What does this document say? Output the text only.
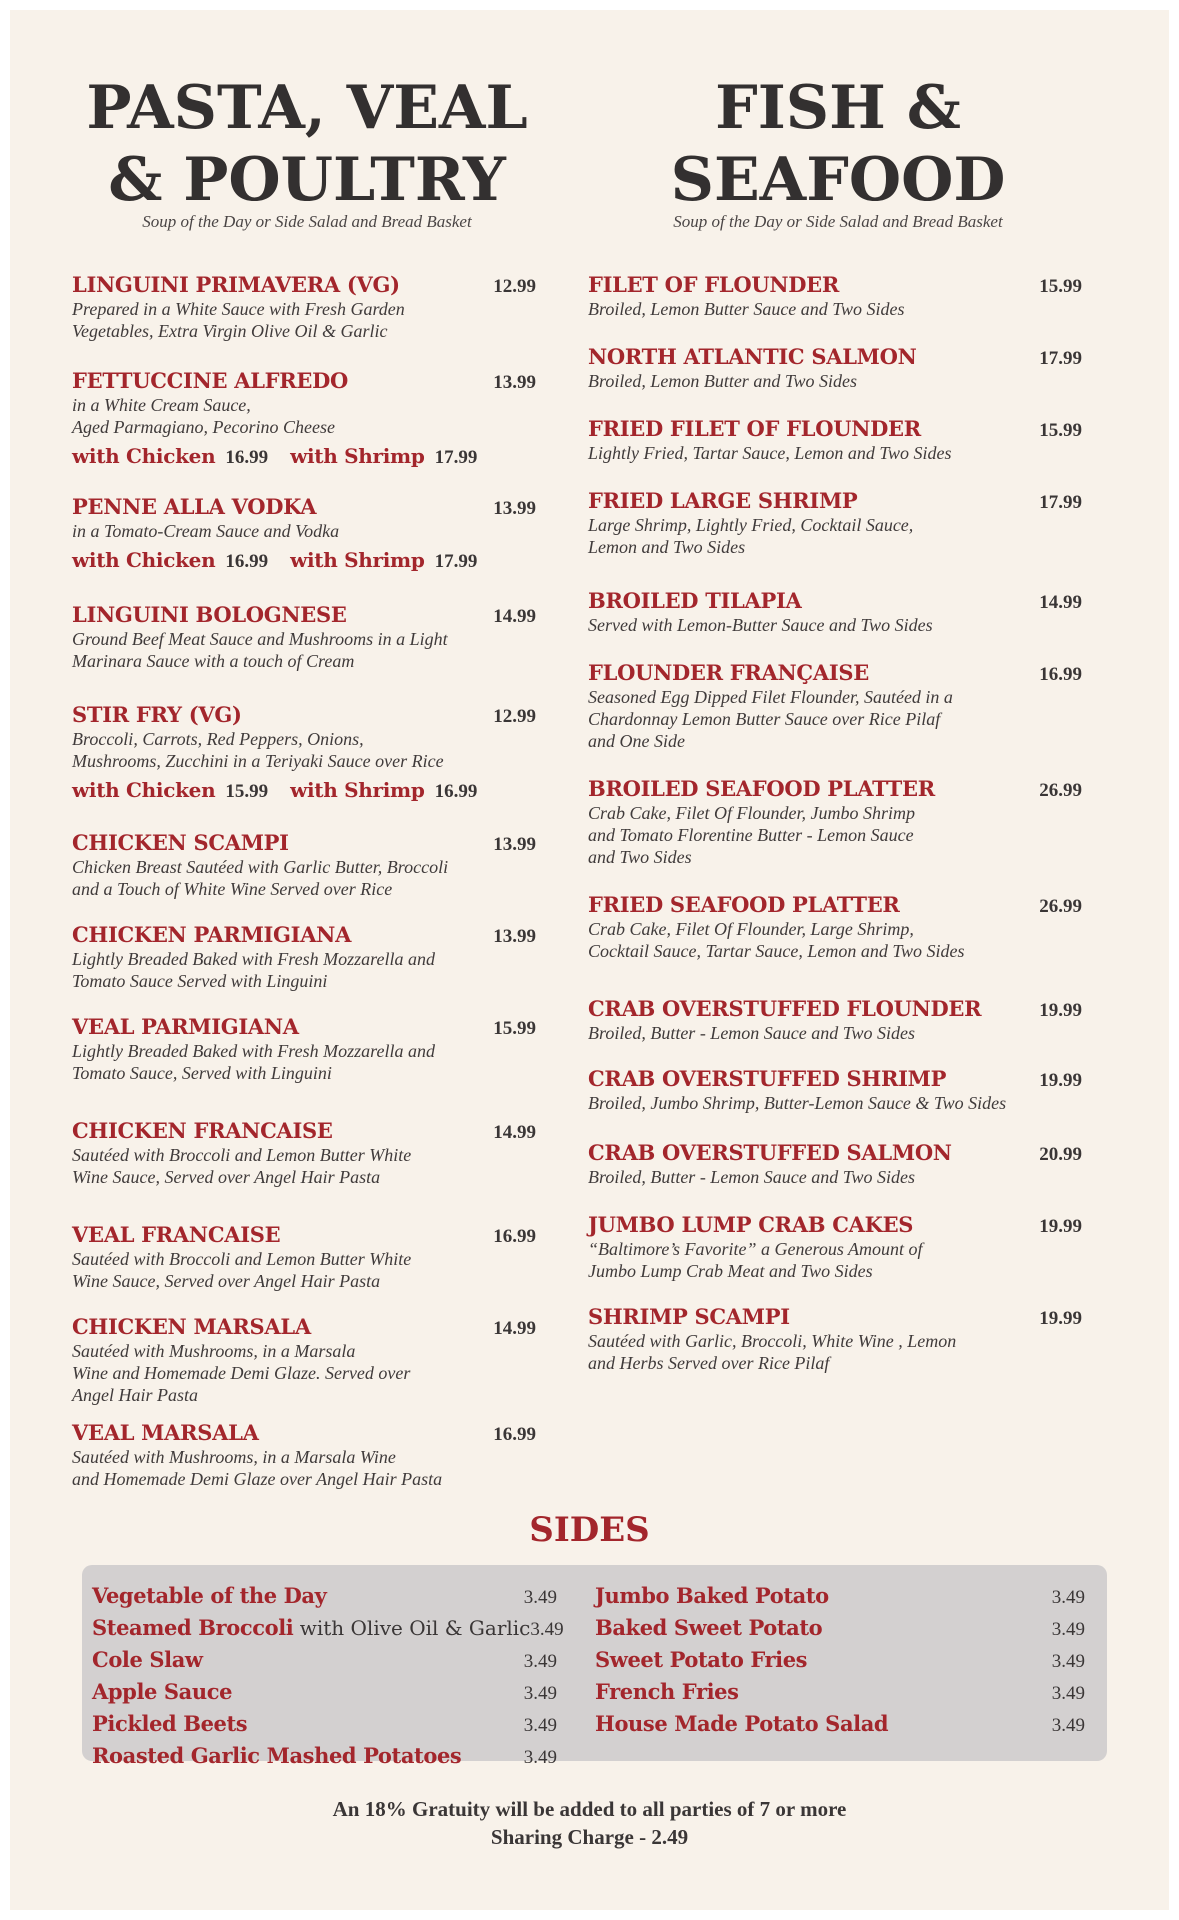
PASTA, VEAL
& POULTRY
Soup of the Day or Side Salad and Bread Basket
LINGUINI PRIMAVERA (VG)	12.99
Prepared in a White Sauce with Fresh Garden
Vegetables, Extra Virgin Olive Oil & Garlic
FETTUCCINE ALFREDO	13.99
in a White Cream Sauce,
Aged Parmagiano, Pecorino Cheese
with Chicken 16.99 with Shrimp 17.99
PENNE ALLA VODKA	13.99
in a Tomato-Cream Sauce and Vodka
with Chicken 16.99 with Shrimp 17.99
LINGUINI BOLOGNESE	14.99
Ground Beef Meat Sauce and Mushrooms in a Light
Marinara Sauce with a touch of Cream
STIR FRY (VG)	12.99
Broccoli, Carrots, Red Peppers, Onions,
Mushrooms, Zucchini in a Teriyaki Sauce over Rice
with Chicken 15.99 with Shrimp 16.99
CHICKEN SCAMPI	13.99
Chicken Breast Sautéed with Garlic Butter, Broccoli
and a Touch of White Wine Served over Rice
CHICKEN PARMIGIANA	13.99
Lightly Breaded Baked with Fresh Mozzarella and
Tomato Sauce Served with Linguini
VEAL PARMIGIANA	15.99
Lightly Breaded Baked with Fresh Mozzarella and
Tomato Sauce, Served with Linguini
CHICKEN FRANCAISE	14.99
Sautéed with Broccoli and Lemon Butter White
Wine Sauce, Served over Angel Hair Pasta
VEAL FRANCAISE	16.99
Sautéed with Broccoli and Lemon Butter White
Wine Sauce, Served over Angel Hair Pasta
CHICKEN MARSALA	14.99
Sautéed with Mushrooms, in a Marsala
Wine and Homemade Demi Glaze. Served over
Angel Hair Pasta
VEAL MARSALA	16.99
Sautéed with Mushrooms, in a Marsala Wine
and Homemade Demi Glaze over Angel Hair Pasta
FISH &
SEAFOOD
Soup of the Day or Side Salad and Bread Basket
FILET OF FLOUNDER	15.99
Broiled, Lemon Butter Sauce and Two Sides
NORTH ATLANTIC SALMON	17.99
Broiled, Lemon Butter and Two Sides
FRIED FILET OF FLOUNDER	15.99
Lightly Fried, Tartar Sauce, Lemon and Two Sides
FRIED LARGE SHRIMP	17.99
Large Shrimp, Lightly Fried, Cocktail Sauce,
Lemon and Two Sides
BROILED TILAPIA	14.99
Served with Lemon-Butter Sauce and Two Sides
FLOUNDER FRANÇAISE	16.99
Seasoned Egg Dipped Filet Flounder, Sautéed in a
Chardonnay Lemon Butter Sauce over Rice Pilaf
and One Side
BROILED SEAFOOD PLATTER	26.99
Crab Cake, Filet Of Flounder, Jumbo Shrimp
and Tomato Florentine Butter - Lemon Sauce
and Two Sides
FRIED SEAFOOD PLATTER	26.99
Crab Cake, Filet Of Flounder, Large Shrimp,
Cocktail Sauce, Tartar Sauce, Lemon and Two Sides
CRAB OVERSTUFFED FLOUNDER	19.99
Broiled, Butter - Lemon Sauce and Two Sides
CRAB OVERSTUFFED SHRIMP	19.99
Broiled, Jumbo Shrimp, Butter-Lemon Sauce & Two Sides
CRAB OVERSTUFFED SALMON	20.99
Broiled, Butter - Lemon Sauce and Two Sides
JUMBO LUMP CRAB CAKES	19.99
“Baltimore’s Favorite” a Generous Amount of
Jumbo Lump Crab Meat and Two Sides
SHRIMP SCAMPI	19.99
Sautéed with Garlic, Broccoli, White Wine , Lemon
and Herbs Served over Rice Pilaf
SIDES
Vegetable of the Day	3.49
Steamed Broccoli with Olive Oil & Garlic 3.49
Cole Slaw	3.49
Apple Sauce	3.49
Pickled Beets	3.49
Roasted Garlic Mashed Potatoes	3.49
Jumbo Baked Potato	3.49
Baked Sweet Potato	3.49
Sweet Potato Fries	3.49
French Fries	3.49
House Made Potato Salad	3.49
An 18% Gratuity will be added to all parties of 7 or more
Sharing Charge - 2.49
